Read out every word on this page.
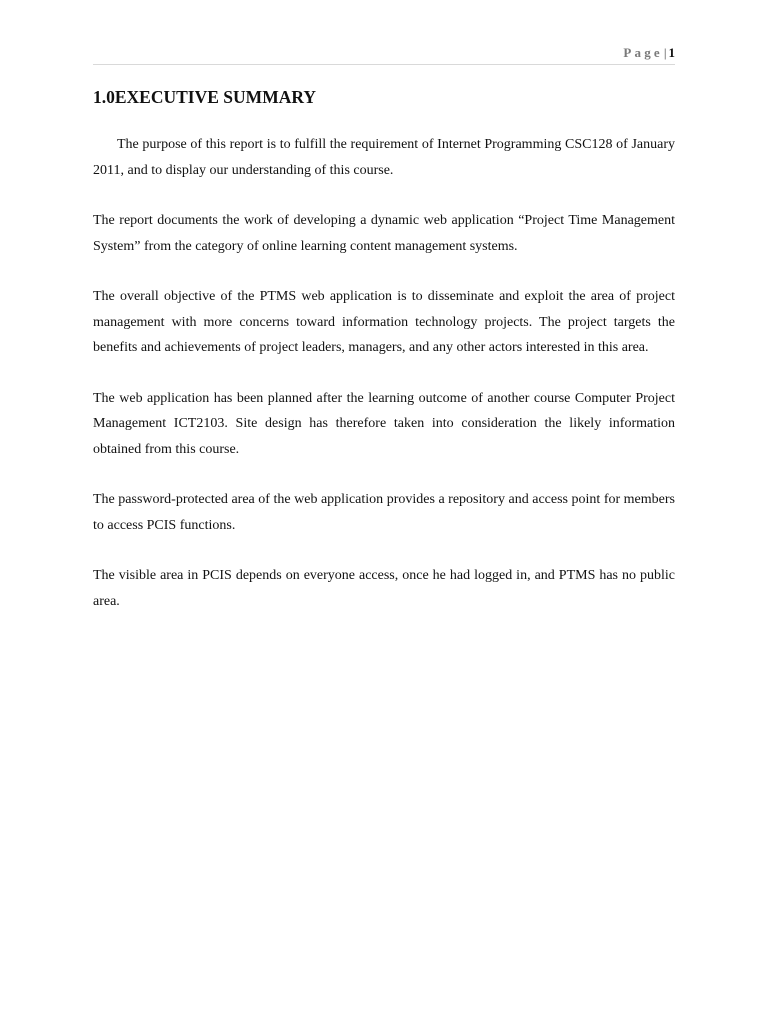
Page| 1
1.0EXECUTIVE SUMMARY

The purpose of this report is to fulfill the requirement of Internet Programming CSC128 of January 2011, and to display our understanding of this course.

The report documents the work of developing a dynamic web application “Project Time Management System” from the category of online learning content management systems.

The overall objective of the PTMS web application is to disseminate and exploit the area of project management with more concerns toward information technology projects. The project targets the benefits and achievements of project leaders, managers, and any other actors interested in this area.

The web application has been planned after the learning outcome of another course Computer Project Management ICT2103. Site design has therefore taken into consideration the likely information obtained from this course.

The password-protected area of the web application provides a repository and access point for members to access PCIS functions.

The visible area in PCIS depends on everyone access, once he had logged in, and PTMS has no public area.
